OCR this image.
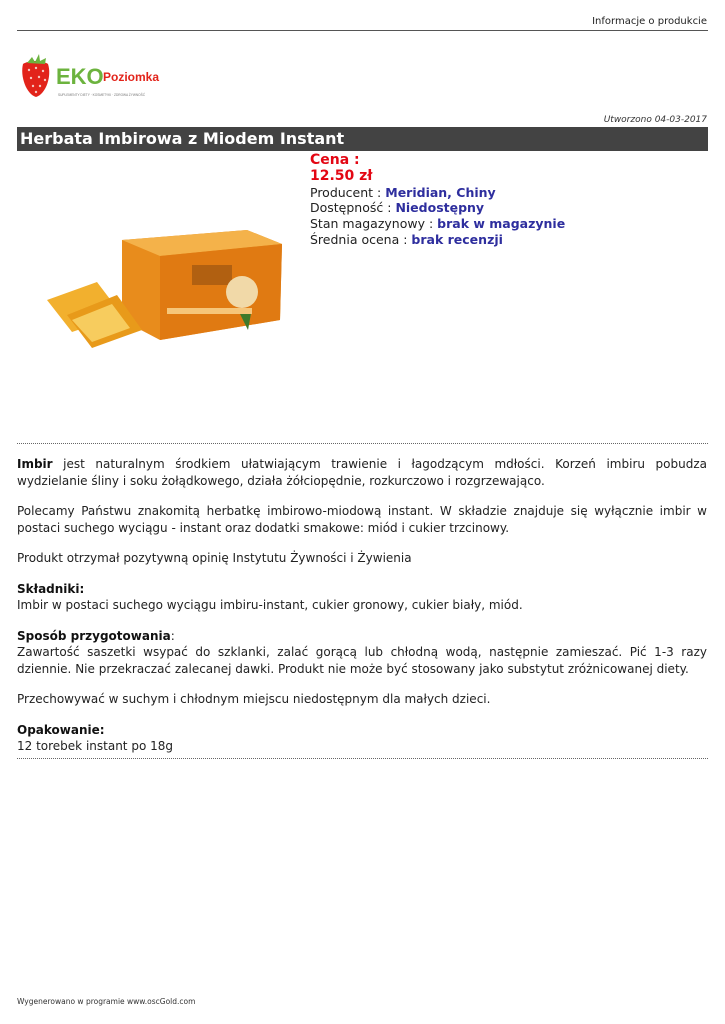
Informacje o produkcie
EKO Poziomka
SUPLEMENTY DIETY · KOSMETYKI · ZDROWA ŻYWNOŚĆ
Utworzono 04-03-2017
Herbata Imbirowa z Miodem Instant
Cena :
12.50 zł
Producent : Meridian, Chiny
Dostępność : Niedostępny
Stan magazynowy : brak w magazynie
Średnia ocena : brak recenzji

Imbir jest naturalnym środkiem ułatwiającym trawienie i łagodzącym mdłości. Korzeń imbiru pobudza wydzielanie śliny i soku żołądkowego, działa żółciopędnie, rozkurczowo i rozgrzewająco.

Polecamy Państwu znakomitą herbatkę imbirowo-miodową instant. W składzie znajduje się wyłącznie imbir w postaci suchego wyciągu - instant oraz dodatki smakowe: miód i cukier trzcinowy.

Produkt otrzymał pozytywną opinię Instytutu Żywności i Żywienia

Składniki:
Imbir w postaci suchego wyciągu imbiru-instant, cukier gronowy, cukier biały, miód.

Sposób przygotowania:
Zawartość saszetki wsypać do szklanki, zalać gorącą lub chłodną wodą, następnie zamieszać. Pić 1-3 razy dziennie. Nie przekraczać zalecanej dawki. Produkt nie może być stosowany jako substytut zróżnicowanej diety.

Przechowywać w suchym i chłodnym miejscu niedostępnym dla małych dzieci.

Opakowanie:
12 torebek instant po 18g

Wygenerowano w programie www.oscGold.com
